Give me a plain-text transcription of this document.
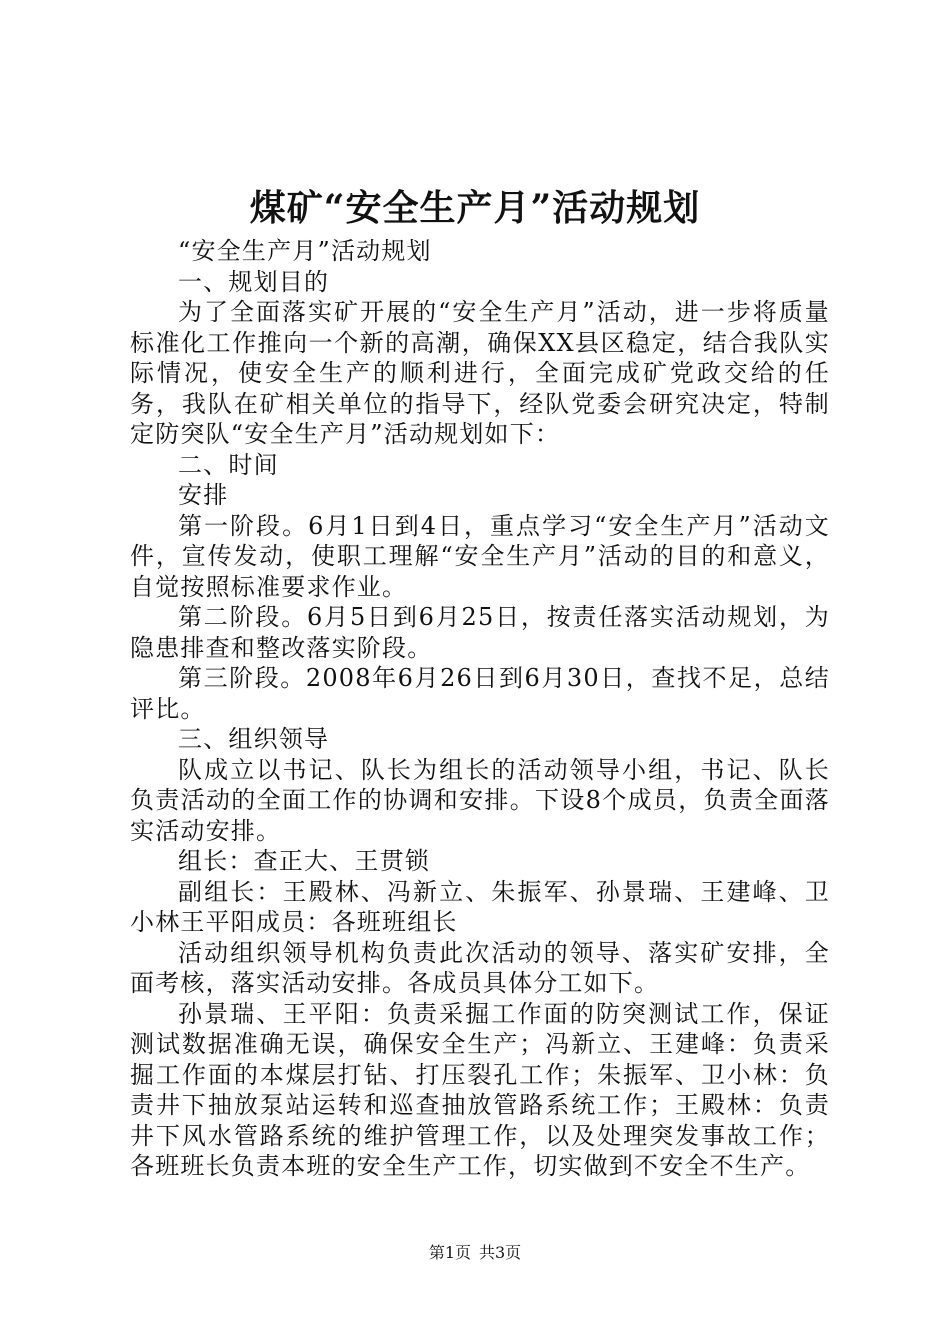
煤矿“安全生产月”活动规划

“安全生产月”活动规划

一、规划目的

为了全面落实矿开展的“安全生产月”活动，进一步将质量标准化工作推向一个新的高潮，确保XX县区稳定，结合我队实际情况，使安全生产的顺利进行，全面完成矿党政交给的任务，我队在矿相关单位的指导下，经队党委会研究决定，特制定防突队“安全生产月”活动规划如下：

二、时间

安排

第一阶段。6月1日到4日，重点学习“安全生产月”活动文件，宣传发动，使职工理解“安全生产月”活动的目的和意义，自觉按照标准要求作业。

第二阶段。6月5日到6月25日，按责任落实活动规划，为隐患排查和整改落实阶段。

第三阶段。2008年6月26日到6月30日，查找不足，总结评比。

三、组织领导

队成立以书记、队长为组长的活动领导小组，书记、队长负责活动的全面工作的协调和安排。下设8个成员，负责全面落实活动安排。

组长：查正大、王贯锁

副组长：王殿林、冯新立、朱振军、孙景瑞、王建峰、卫小林王平阳成员：各班班组长

活动组织领导机构负责此次活动的领导、落实矿安排，全面考核，落实活动安排。各成员具体分工如下。

孙景瑞、王平阳：负责采掘工作面的防突测试工作，保证测试数据准确无误，确保安全生产；冯新立、王建峰：负责采掘工作面的本煤层打钻、打压裂孔工作；朱振军、卫小林：负责井下抽放泵站运转和巡查抽放管路系统工作；王殿林：负责井下风水管路系统的维护管理工作，以及处理突发事故工作；各班班长负责本班的安全生产工作，切实做到不安全不生产。

第1页 共3页
